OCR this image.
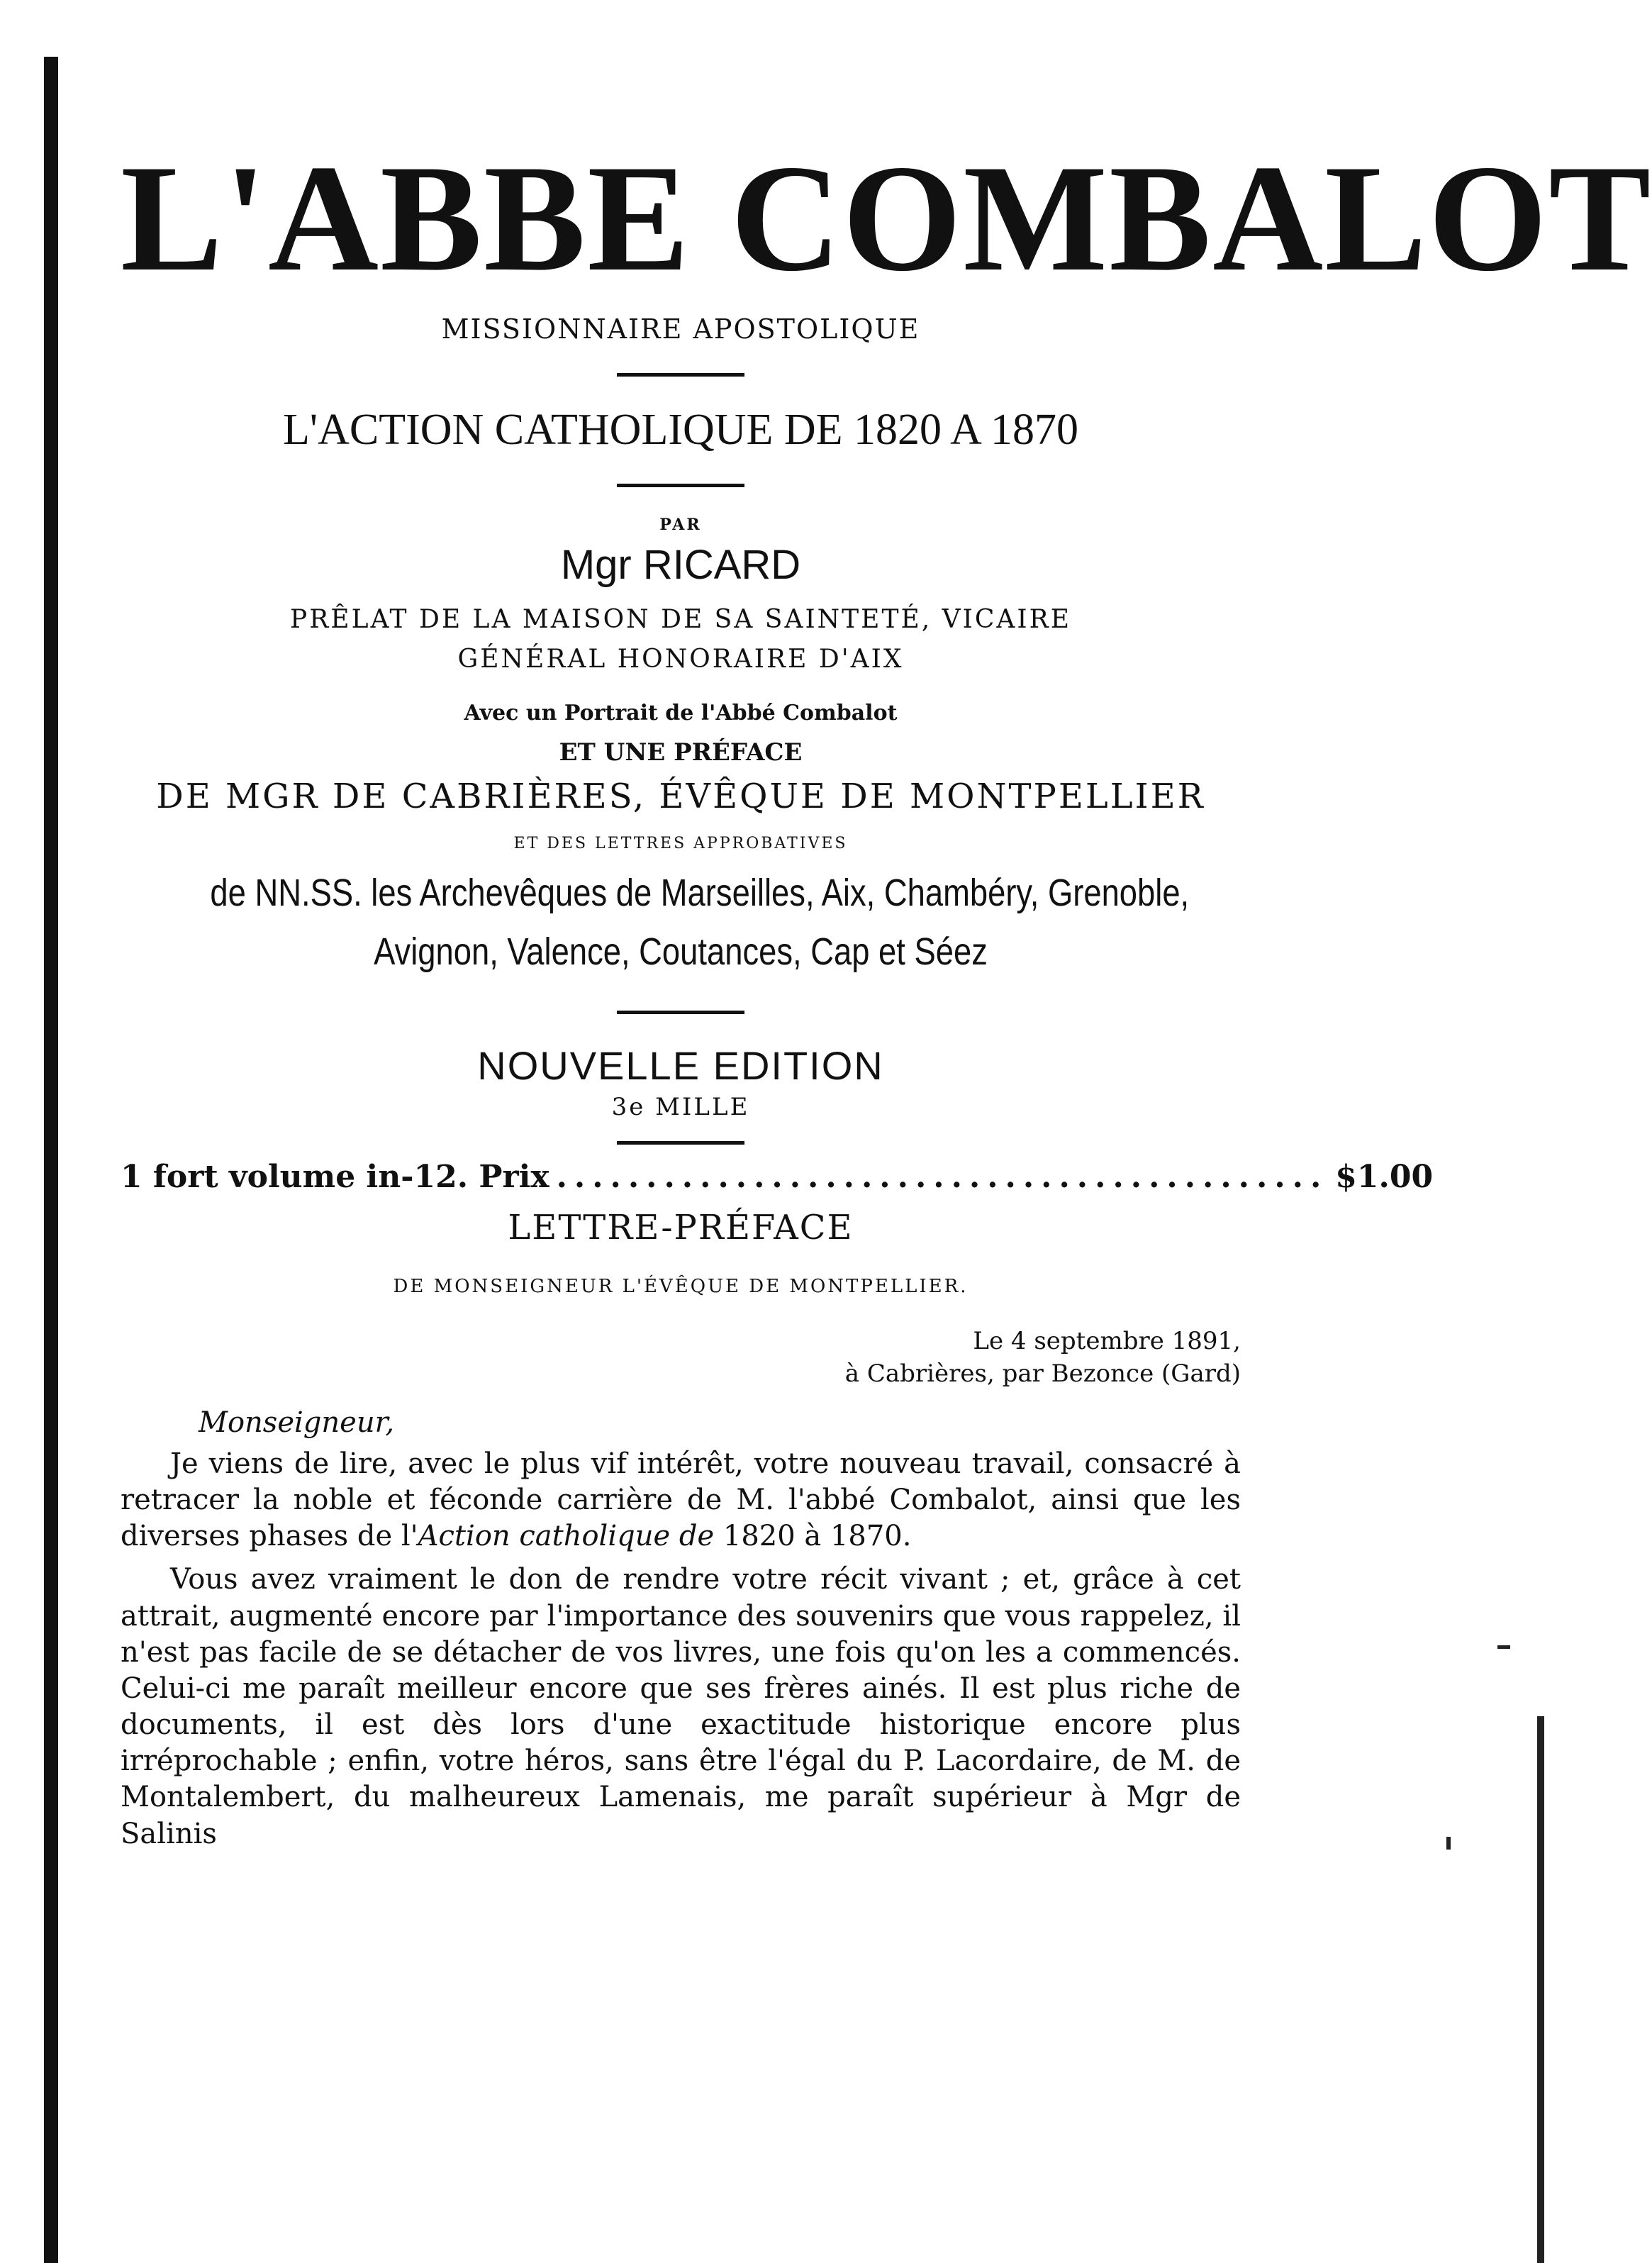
L'ABBE COMBALOT
MISSIONNAIRE APOSTOLIQUE
L'ACTION CATHOLIQUE DE 1820 A 1870
PAR
Mgr RICARD
PRÊLAT DE LA MAISON DE SA SAINTETÉ, VICAIRE
GÉNÉRAL HONORAIRE D'AIX
Avec un Portrait de l'Abbé Combalot
ET UNE PRÉFACE
DE MGR DE CABRIÈRES, ÉVÊQUE DE MONTPELLIER
ET DES LETTRES APPROBATIVES
de NN.SS. les Archevêques de Marseilles, Aix, Chambéry, Grenoble,
Avignon, Valence, Coutances, Cap et Séez
NOUVELLE EDITION
3e MILLE
1 fort volume in-12. Prix ........................................... $1.00
LETTRE-PRÉFACE
DE MONSEIGNEUR L'ÉVÊQUE DE MONTPELLIER.
Le 4 septembre 1891,
à Cabrières, par Bezonce (Gard)
Monseigneur,

Je viens de lire, avec le plus vif intérêt, votre nouveau travail, consacré à retracer la noble et féconde carrière de M. l'abbé Combalot, ainsi que les diverses phases de l'Action catholique de 1820 à 1870.

Vous avez vraiment le don de rendre votre récit vivant ; et, grâce à cet attrait, augmenté encore par l'importance des souvenirs que vous rappelez, il n'est pas facile de se détacher de vos livres, une fois qu'on les a commencés. Celui-ci me paraît meilleur encore que ses frères ainés. Il est plus riche de documents, il est dès lors d'une exactitude historique encore plus irréprochable ; enfin, votre héros, sans être l'égal du P. Lacordaire, de M. de Montalembert, du malheureux Lamenais, me paraît supérieur à Mgr de Salinis
